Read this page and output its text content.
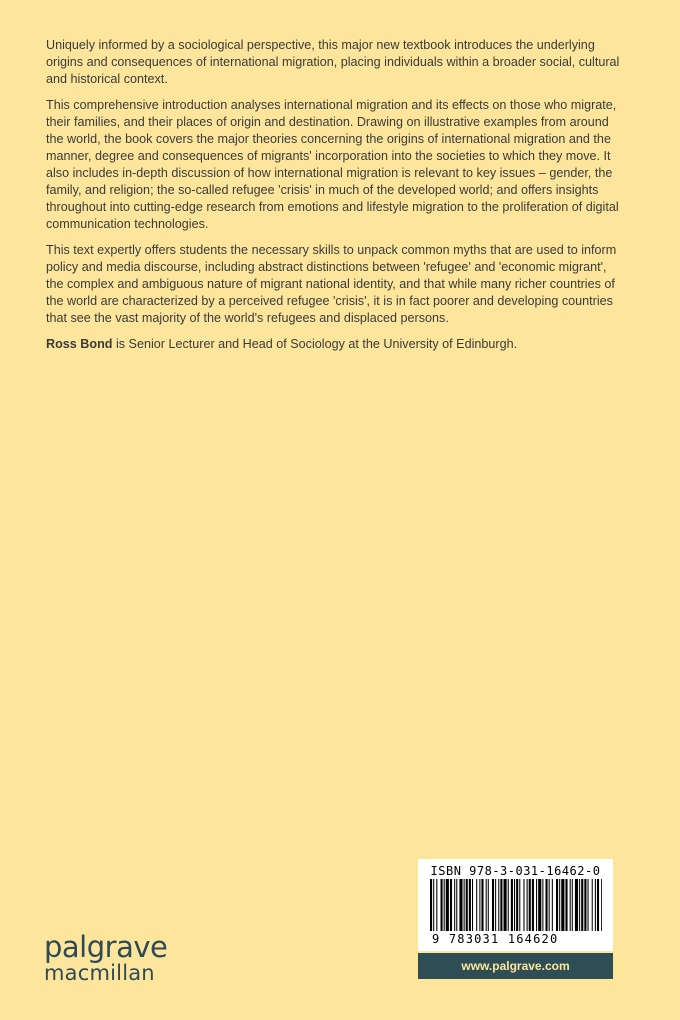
Uniquely informed by a sociological perspective, this major new textbook introduces the underlying origins and consequences of international migration, placing individuals within a broader social, cultural and historical context.

This comprehensive introduction analyses international migration and its effects on those who migrate, their families, and their places of origin and destination. Drawing on illustrative examples from around the world, the book covers the major theories concerning the origins of international migration and the manner, degree and consequences of migrants' incorporation into the societies to which they move. It also includes in-depth discussion of how international migration is relevant to key issues – gender, the family, and religion; the so-called refugee 'crisis' in much of the developed world; and offers insights throughout into cutting-edge research from emotions and lifestyle migration to the proliferation of digital communication technologies.

This text expertly offers students the necessary skills to unpack common myths that are used to inform policy and media discourse, including abstract distinctions between 'refugee' and 'economic migrant', the complex and ambiguous nature of migrant national identity, and that while many richer countries of the world are characterized by a perceived refugee 'crisis', it is in fact poorer and developing countries that see the vast majority of the world's refugees and displaced persons.

Ross Bond is Senior Lecturer and Head of Sociology at the University of Edinburgh.

palgrave
macmillan
ISBN 978-3-031-16462-0
9 783031 164620
www.palgrave.com
